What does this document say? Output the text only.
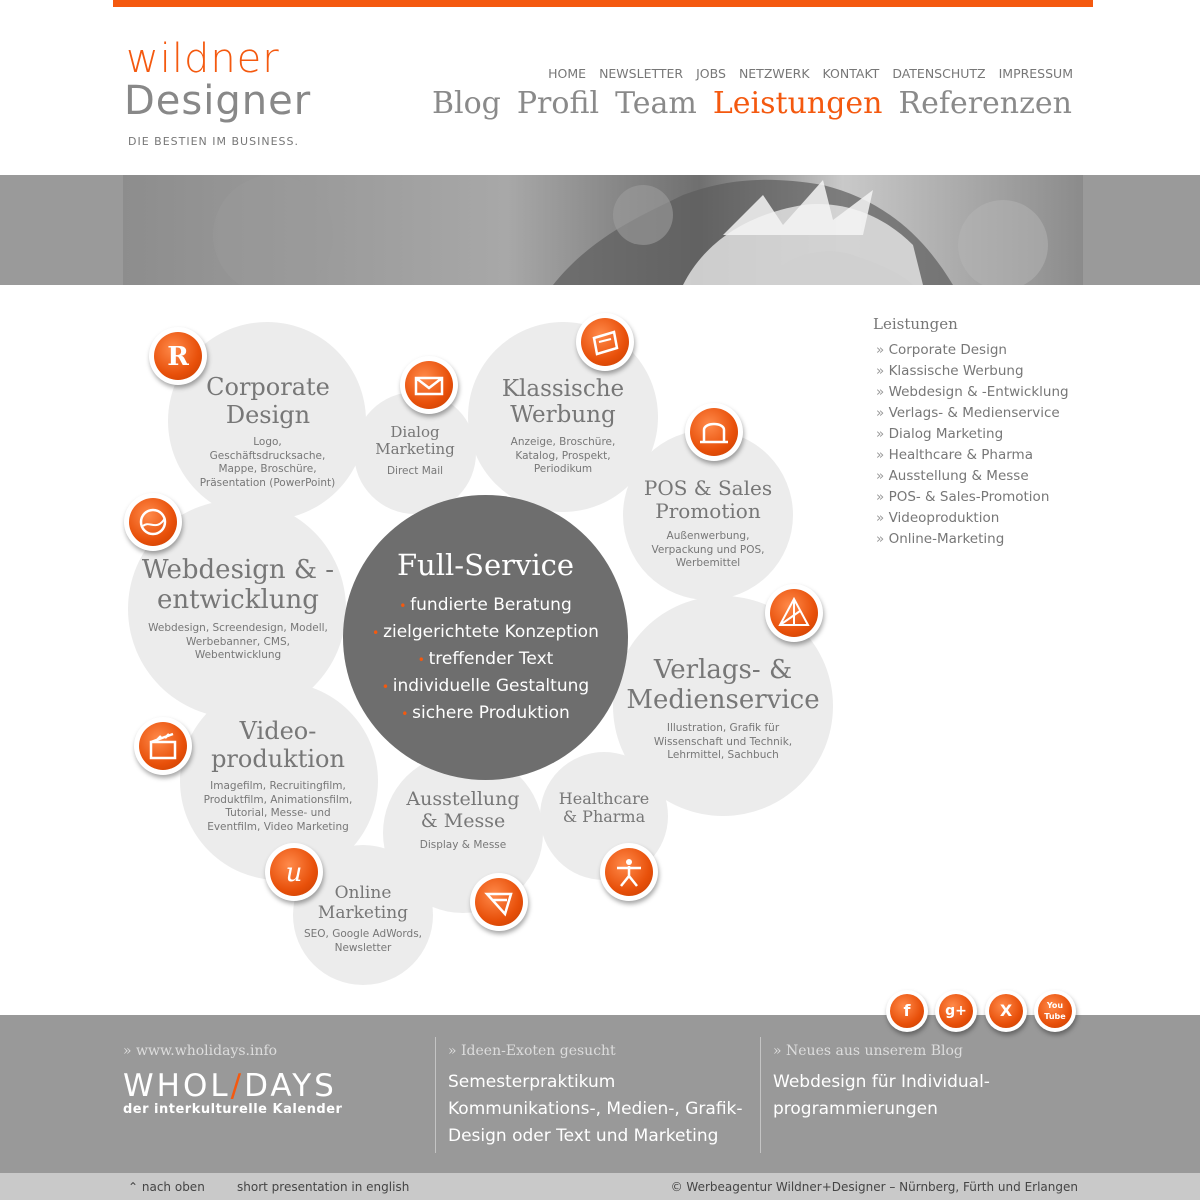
wildner
Designer
DIE BESTIEN IM BUSINESS.
HOME NEWSLETTER JOBS NETZWERK KONTAKT DATENSCHUTZ IMPRESSUM
Blog Profil Team Leistungen Referenzen
Corporate Design
Logo, Geschäftsdrucksache, Mappe, Broschüre, Präsentation (PowerPoint)
Dialog Marketing
Direct Mail
Klassische Werbung
Anzeige, Broschüre, Katalog, Prospekt, Periodikum
POS & Sales Promotion
Außenwerbung, Verpackung und POS, Werbemittel
Webdesign & -entwicklung
Webdesign, Screendesign, Modell, Werbebanner, CMS, Webentwicklung	Verlags- & Medienservice
Illustration, Grafik für Wissenschaft und Technik, Lehrmittel, Sachbuch
Video-produktion
Imagefilm, Recruitingfilm, Produktfilm, Animationsfilm, Tutorial, Messe- und Eventfilm, Video Marketing
Ausstellung & Messe
Display & Messe
Healthcare & Pharma
Online Marketing
SEO, Google AdWords, Newsletter
Full-Service
• fundierte Beratung
• zielgerichtete Konzeption
• treffender Text
• individuelle Gestaltung
• sichere Produktion
R
u
Leistungen
» Corporate Design
» Klassische Werbung
» Webdesign & -Entwicklung
» Verlags- & Medienservice
» Dialog Marketing
» Healthcare & Pharma
» Ausstellung & Messe
» POS- & Sales-Promotion
» Videoproduktion
» Online-Marketing
f	g+	X	You Tube
» www.wholidays.info
WHOL/DAYS
der interkulturelle Kalender
» Ideen-Exoten gesucht
Semesterpraktikum Kommunikations-, Medien-, Grafik-Design oder Text und Marketing
» Neues aus unserem Blog
Webdesign für Individual-programmierungen
⌃ nach oben	short presentation in english	© Werbeagentur Wildner+Designer – Nürnberg, Fürth und Erlangen
